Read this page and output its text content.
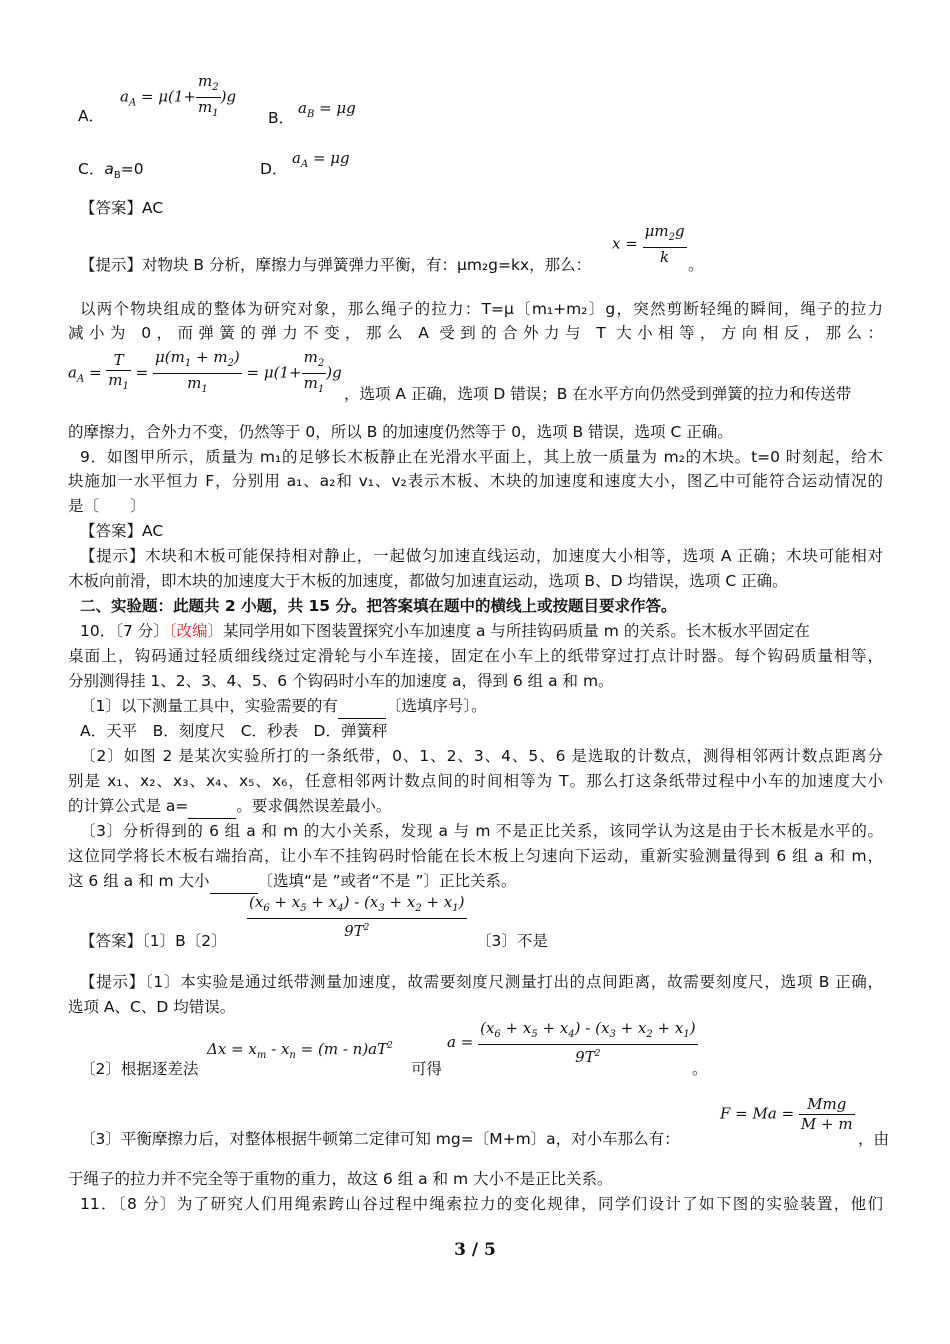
A．
$a_A = \mu(1+ \frac{m_2}{m_1} )g$
B．
$a_B = \mu g$
C．$a_B=0$	D．
$a_A = \mu g$
【答案】AC
【提示】对物块 B 分析，摩擦力与弹簧弹力平衡，有：μm₂g=kx，那么：
$x = \frac{\mu m_2g}{k}$ 。
以两个物块组成的整体为研究对象，那么绳子的拉力：T=μ〔m₁+m₂〕g，突然剪断轻绳的瞬间，绳子的拉力
减小为 0，而弹簧的弹力不变，那么 A 受到的合外力与 T 大小相等，方向相反，那么：
$a_A = \frac{T}{m_1} = \frac{\mu(m_1 + m_2)}{m_1} = \mu(1+ \frac{m_2}{m_1} )g$
，选项 A 正确，选项 D 错误；B 在水平方向仍然受到弹簧的拉力和传送带
的摩擦力，合外力不变，仍然等于 0，所以 B 的加速度仍然等于 0，选项 B 错误，选项 C 正确。
9．如图甲所示，质量为 m₁的足够长木板静止在光滑水平面上，其上放一质量为 m₂的木块。t=0 时刻起，给木
块施加一水平恒力 F，分别用 a₁、a₂和 v₁、v₂表示木板、木块的加速度和速度大小，图乙中可能符合运动情况的
是〔　　〕
【答案】AC
【提示】木块和木板可能保持相对静止，一起做匀加速直线运动，加速度大小相等，选项 A 正确；木块可能相对
木板向前滑，即木块的加速度大于木板的加速度，都做匀加速直运动，选项 B、D 均错误，选项 C 正确。
二、实验题：此题共 2 小题，共 15 分。把答案填在题中的横线上或按题目要求作答。
10．〔7 分〕〔改编〕某同学用如下图装置探究小车加速度 a 与所挂钩码质量 m 的关系。长木板水平固定在
桌面上，钩码通过轻质细线绕过定滑轮与小车连接，固定在小车上的纸带穿过打点计时器。每个钩码质量相等，
分别测得挂 1、2、3、4、5、6 个钩码时小车的加速度 a，得到 6 组 a 和 m。
〔1〕以下测量工具中，实验需要的有	〔选填序号〕。
A．天平　B．刻度尺　C．秒表　D．弹簧秤
〔2〕如图 2 是某次实验所打的一条纸带，0、1、2、3、4、5、6 是选取的计数点，测得相邻两计数点距离分
别是 x₁、x₂、x₃、x₄、x₅、x₆，任意相邻两计数点间的时间相等为 T。那么打这条纸带过程中小车的加速度大小
的计算公式是 a=	。要求偶然误差最小。
〔3〕分析得到的 6 组 a 和 m 的大小关系，发现 a 与 m 不是正比关系，该同学认为这是由于长木板是水平的。
这位同学将长木板右端抬高，让小车不挂钩码时恰能在长木板上匀速向下运动，重新实验测量得到 6 组 a 和 m，
这 6 组 a 和 m 大小	〔选填“是 ”或者“不是 ”〕正比关系。
【答案】〔1〕B〔2〕	$\frac{(x_6 + x_5 + x_4) - (x_3 + x_2 + x_1)}{9T^2}$ 〔3〕不是
【提示】〔1〕本实验是通过纸带测量加速度，故需要刻度尺测量打出的点间距离，故需要刻度尺，选项 B 正确，
选项 A、C、D 均错误。
〔2〕根据逐差法
$\Delta x = x_m - x_n = (m - n)aT^2$
可得
$a = \frac{(x_6 + x_5 + x_4) - (x_3 + x_2 + x_1)}{9T^2}$
。
〔3〕平衡摩擦力后，对整体根据牛顿第二定律可知 mg=〔M+m〕a，对小车那么有：
$F = Ma = \frac{\text{Mmg}}{M + m}$
，由
于绳子的拉力并不完全等于重物的重力，故这 6 组 a 和 m 大小不是正比关系。
11．〔8 分〕为了研究人们用绳索跨山谷过程中绳索拉力的变化规律，同学们设计了如下图的实验装置，他们
3 / 5
